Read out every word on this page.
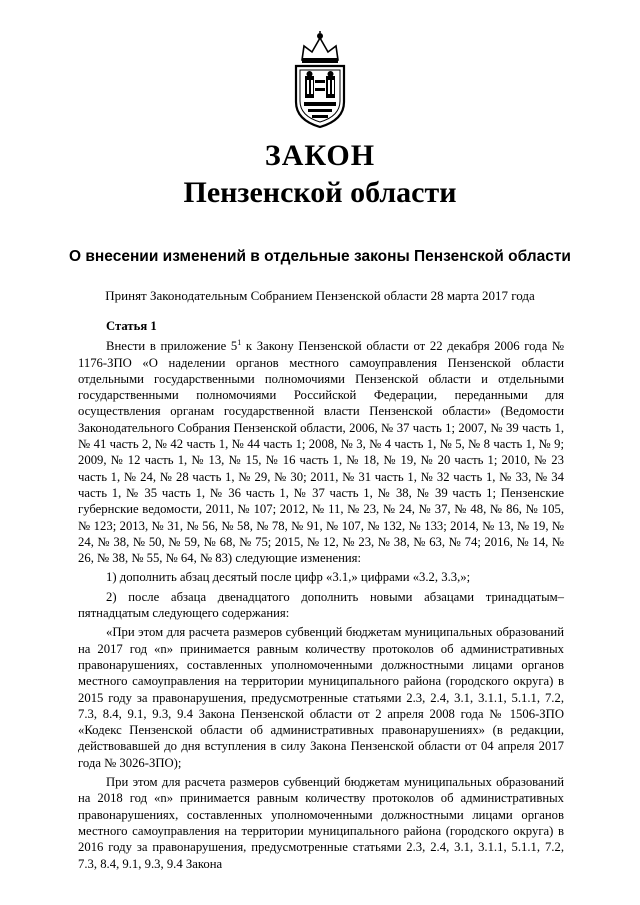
ЗАКОН
Пензенской области
О внесении изменений в отдельные законы Пензенской области

Принят Законодательным Собранием Пензенской области 28 марта 2017 года

Статья 1

Внести в приложение $5^1$ к Закону Пензенской области от 22 декабря 2006 года № 1176-ЗПО «О наделении органов местного самоуправления Пензенской области отдельными государственными полномочиями Пензенской области и отдельными государственными полномочиями Российской Федерации, переданными для осуществления органам государственной власти Пензенской области» (Ведомости Законодательного Собрания Пензенской области, 2006, № 37 часть 1; 2007, № 39 часть 1, № 41 часть 2, № 42 часть 1, № 44 часть 1; 2008, № 3, № 4 часть 1, № 5, № 8 часть 1, № 9; 2009, № 12 часть 1, № 13, № 15, № 16 часть 1, № 18, № 19, № 20 часть 1; 2010, № 23 часть 1, № 24, № 28 часть 1, № 29, № 30; 2011, № 31 часть 1, № 32 часть 1, № 33, № 34 часть 1, № 35 часть 1, № 36 часть 1, № 37 часть 1, № 38, № 39 часть 1; Пензенские губернские ведомости, 2011, № 107; 2012, № 11, № 23, № 24, № 37, № 48, № 86, № 105, № 123; 2013, № 31, № 56, № 58, № 78, № 91, № 107, № 132, № 133; 2014, № 13, № 19, № 24, № 38, № 50, № 59, № 68, № 75; 2015, № 12, № 23, № 38, № 63, № 74; 2016, № 14, № 26, № 38, № 55, № 64, № 83) следующие изменения:

1) дополнить абзац десятый после цифр «3.1,» цифрами «3.2, 3.3,»;

2) после абзаца двенадцатого дополнить новыми абзацами тринадцатым–пятнадцатым следующего содержания:

«При этом для расчета размеров субвенций бюджетам муниципальных образований на 2017 год «n» принимается равным количеству протоколов об административных правонарушениях, составленных уполномоченными должностными лицами органов местного самоуправления на территории муниципального района (городского округа) в 2015 году за правонарушения, предусмотренные статьями 2.3, 2.4, 3.1, 3.1.1, 5.1.1, 7.2, 7.3, 8.4, 9.1, 9.3, 9.4 Закона Пензенской области от 2 апреля 2008 года № 1506-ЗПО «Кодекс Пензенской области об административных правонарушениях» (в редакции, действовавшей до дня вступления в силу Закона Пензенской области от 04 апреля 2017 года № 3026-ЗПО);

При этом для расчета размеров субвенций бюджетам муниципальных образований на 2018 год «n» принимается равным количеству протоколов об административных правонарушениях, составленных уполномоченными должностными лицами органов местного самоуправления на территории муниципального района (городского округа) в 2016 году за правонарушения, предусмотренные статьями 2.3, 2.4, 3.1, 3.1.1, 5.1.1, 7.2, 7.3, 8.4, 9.1, 9.3, 9.4 Закона
